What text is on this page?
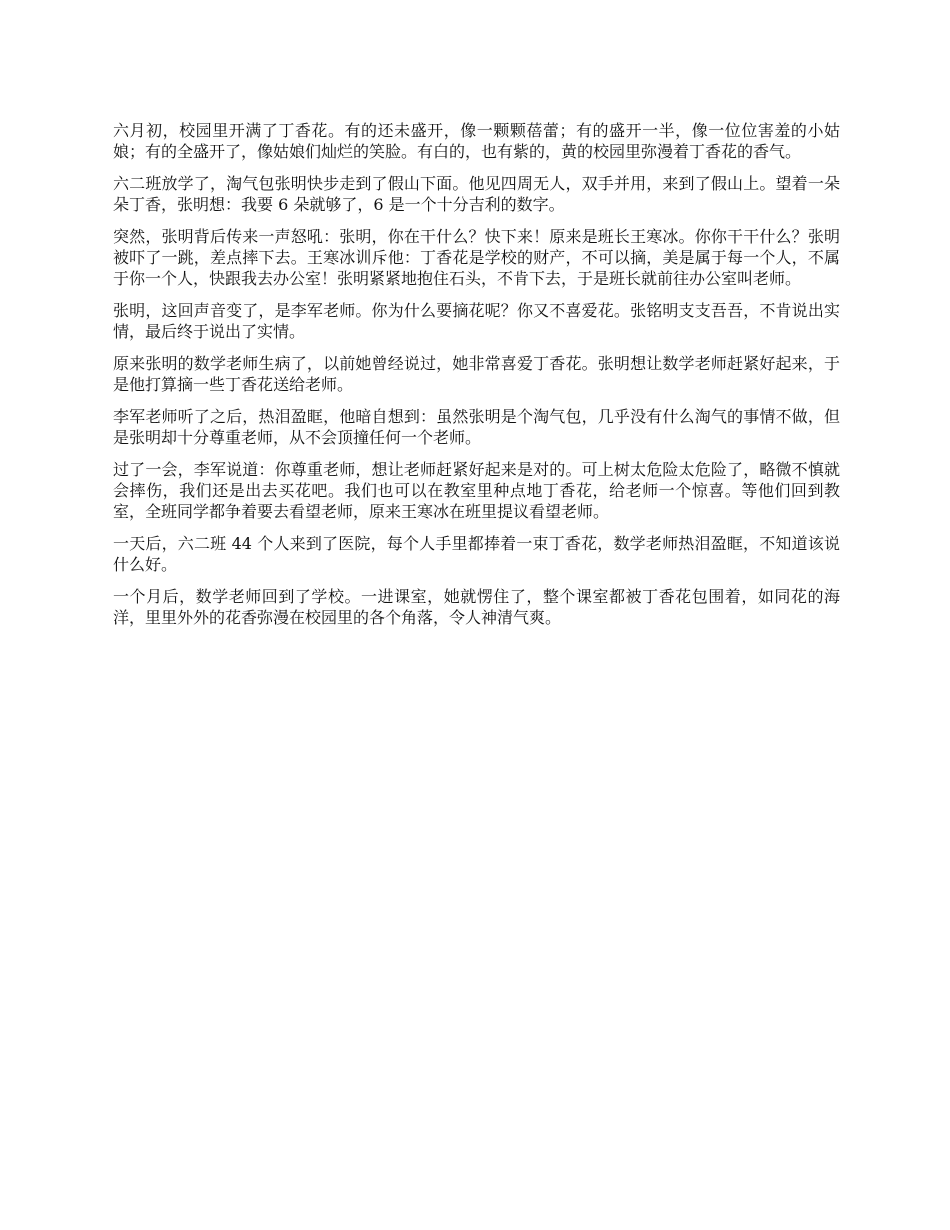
六月初，校园里开满了丁香花。有的还未盛开，像一颗颗蓓蕾；有的盛开一半，像一位位害羞的小姑娘；有的全盛开了，像姑娘们灿烂的笑脸。有白的，也有紫的，黄的校园里弥漫着丁香花的香气。

六二班放学了，淘气包张明快步走到了假山下面。他见四周无人，双手并用，来到了假山上。望着一朵朵丁香，张明想：我要 6 朵就够了，6 是一个十分吉利的数字。

突然，张明背后传来一声怒吼：张明，你在干什么？快下来！原来是班长王寒冰。你你干干什么？张明被吓了一跳，差点摔下去。王寒冰训斥他：丁香花是学校的财产，不可以摘，美是属于每一个人，不属于你一个人，快跟我去办公室！张明紧紧地抱住石头，不肯下去，于是班长就前往办公室叫老师。

张明，这回声音变了，是李军老师。你为什么要摘花呢？你又不喜爱花。张铭明支支吾吾，不肯说出实情，最后终于说出了实情。

原来张明的数学老师生病了，以前她曾经说过，她非常喜爱丁香花。张明想让数学老师赶紧好起来，于是他打算摘一些丁香花送给老师。

李军老师听了之后，热泪盈眶，他暗自想到：虽然张明是个淘气包，几乎没有什么淘气的事情不做，但是张明却十分尊重老师，从不会顶撞任何一个老师。

过了一会，李军说道：你尊重老师，想让老师赶紧好起来是对的。可上树太危险太危险了，略微不慎就会摔伤，我们还是出去买花吧。我们也可以在教室里种点地丁香花，给老师一个惊喜。等他们回到教室，全班同学都争着要去看望老师，原来王寒冰在班里提议看望老师。

一天后，六二班 44 个人来到了医院，每个人手里都捧着一束丁香花，数学老师热泪盈眶，不知道该说什么好。

一个月后，数学老师回到了学校。一进课室，她就愣住了，整个课室都被丁香花包围着，如同花的海洋，里里外外的花香弥漫在校园里的各个角落，令人神清气爽。
